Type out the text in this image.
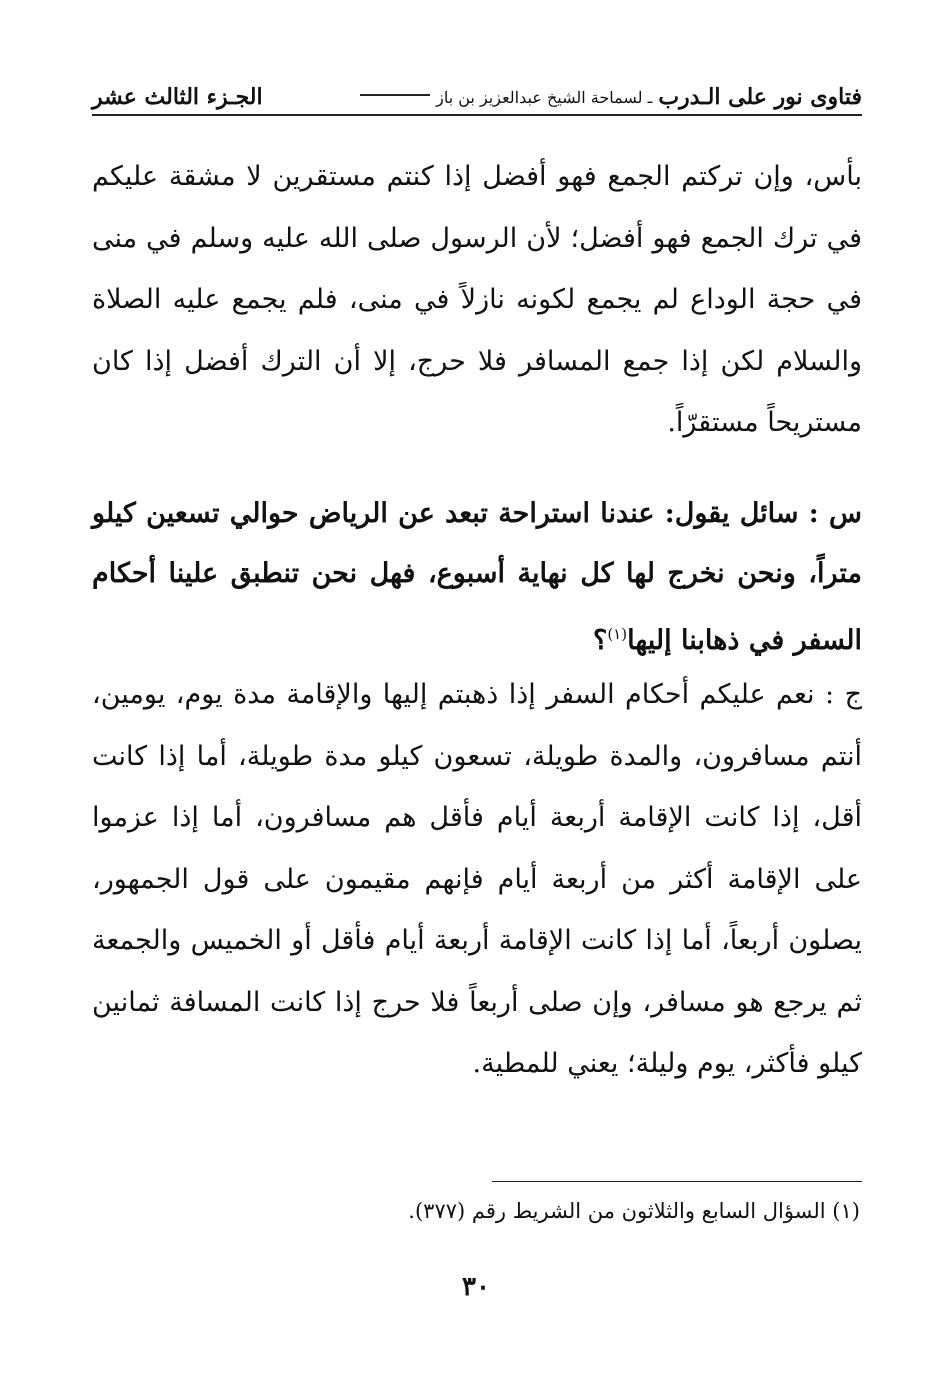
فتاوى نور على الـدرب
ـ لسماحة الشيخ عبدالعزيز بن باز
الجـزء الثالث عشر

بأس، وإن تركتم الجمع فهو أفضل إذا كنتم مستقرين لا مشقة عليكم في ترك الجمع فهو أفضل؛ لأن الرسول صلى الله عليه وسلم في منى في حجة الوداع لم يجمع لكونه نازلاً في منى، فلم يجمع عليه الصلاة والسلام لكن إذا جمع المسافر فلا حرج، إلا أن الترك أفضل إذا كان مستريحاً مستقرّاً.

س : سائل يقول: عندنا استراحة تبعد عن الرياض حوالي تسعين كيلو متراً، ونحن نخرج لها كل نهاية أسبوع، فهل نحن تنطبق علينا أحكام السفر في ذهابنا إليها$^{(١)}$؟

ج : نعم عليكم أحكام السفر إذا ذهبتم إليها والإقامة مدة يوم، يومين، أنتم مسافرون، والمدة طويلة، تسعون كيلو مدة طويلة، أما إذا كانت أقل، إذا كانت الإقامة أربعة أيام فأقل هم مسافرون، أما إذا عزموا على الإقامة أكثر من أربعة أيام فإنهم مقيمون على قول الجمهور، يصلون أربعاً، أما إذا كانت الإقامة أربعة أيام فأقل أو الخميس والجمعة ثم يرجع هو مسافر، وإن صلى أربعاً فلا حرج إذا كانت المسافة ثمانين كيلو فأكثر، يوم وليلة؛ يعني للمطية.

(١) السؤال السابع والثلاثون من الشريط رقم (٣٧٧).
٣٠
